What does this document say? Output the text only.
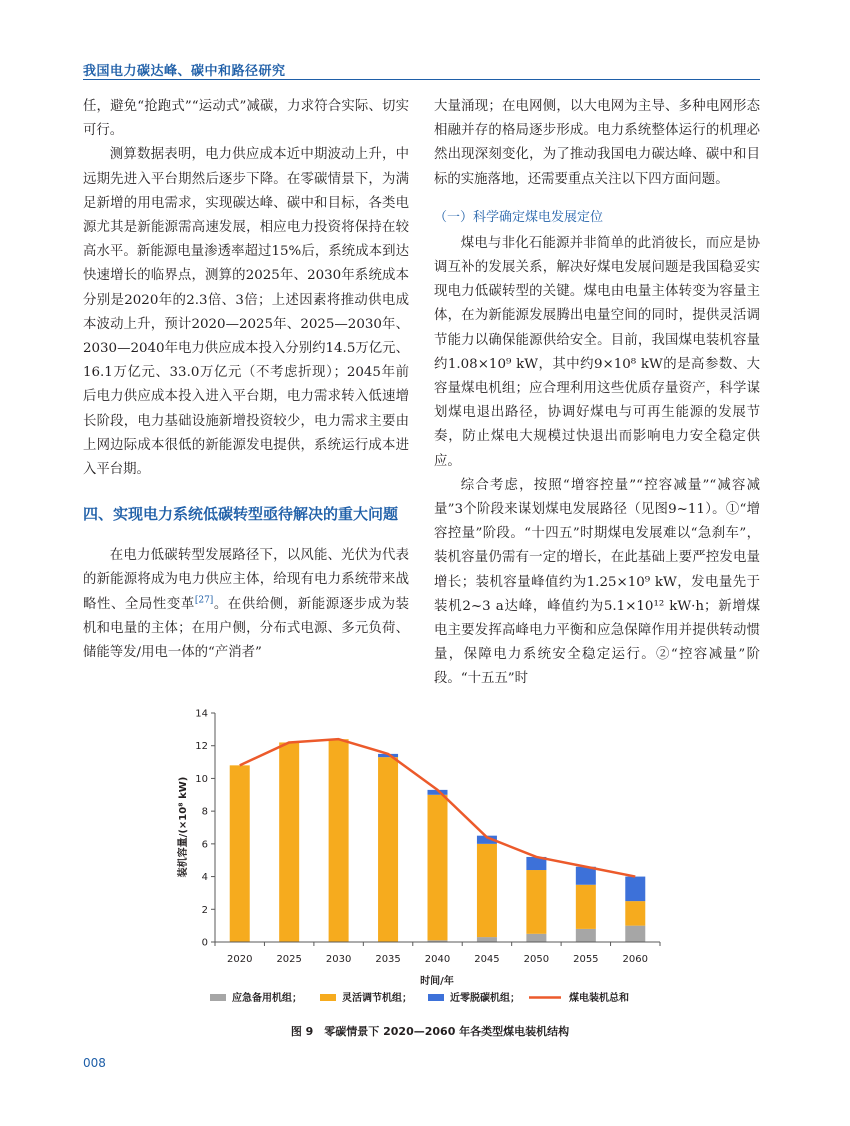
我国电力碳达峰、碳中和路径研究

任，避免“抢跑式”“运动式”减碳，力求符合实际、切实可行。

测算数据表明，电力供应成本近中期波动上升，中远期先进入平台期然后逐步下降。在零碳情景下，为满足新增的用电需求，实现碳达峰、碳中和目标，各类电源尤其是新能源需高速发展，相应电力投资将保持在较高水平。新能源电量渗透率超过15%后，系统成本到达快速增长的临界点，测算的2025年、2030年系统成本分别是2020年的2.3倍、3倍；上述因素将推动供电成本波动上升，预计2020—2025年、2025—2030年、2030—2040年电力供应成本投入分别约14.5万亿元、16.1万亿元、33.0万亿元（不考虑折现）；2045年前后电力供应成本投入进入平台期，电力需求转入低速增长阶段，电力基础设施新增投资较少，电力需求主要由上网边际成本很低的新能源发电提供，系统运行成本进入平台期。

四、实现电力系统低碳转型亟待解决的重大问题

在电力低碳转型发展路径下，以风能、光伏为代表的新能源将成为电力供应主体，给现有电力系统带来战略性、全局性变革[27]。在供给侧，新能源逐步成为装机和电量的主体；在用户侧，分布式电源、多元负荷、储能等发/用电一体的“产消者”

大量涌现；在电网侧，以大电网为主导、多种电网形态相融并存的格局逐步形成。电力系统整体运行的机理必然出现深刻变化，为了推动我国电力碳达峰、碳中和目标的实施落地，还需要重点关注以下四方面问题。

（一）科学确定煤电发展定位

煤电与非化石能源并非简单的此消彼长，而应是协调互补的发展关系，解决好煤电发展问题是我国稳妥实现电力低碳转型的关键。煤电由电量主体转变为容量主体，在为新能源发展腾出电量空间的同时，提供灵活调节能力以确保能源供给安全。目前，我国煤电装机容量约1.08×10⁹ kW，其中约9×10⁸ kW的是高参数、大容量煤电机组；应合理利用这些优质存量资产，科学谋划煤电退出路径，协调好煤电与可再生能源的发展节奏，防止煤电大规模过快退出而影响电力安全稳定供应。

综合考虑，按照“增容控量”“控容减量”“减容减量”3个阶段来谋划煤电发展路径（见图9~11）。①“增容控量”阶段。“十四五”时期煤电发展难以“急刹车”，装机容量仍需有一定的增长，在此基础上要严控发电量增长；装机容量峰值约为1.25×10⁹ kW，发电量先于装机2~3 a达峰，峰值约为5.1×10¹² kW·h；新增煤电主要发挥高峰电力平衡和应急保障作用并提供转动惯量，保障电力系统安全稳定运行。②“控容减量”阶段。“十五五”时

0
2
4
6
8
10
12
14
2020 2025 2030 2035 2040 2045 2050 2055 2060
时间/年
装机容量/(×10⁸ kW)
应急备用机组；	灵活调节机组；	近零脱碳机组；	煤电装机总和
图 9　零碳情景下 2020—2060 年各类型煤电装机结构
008
